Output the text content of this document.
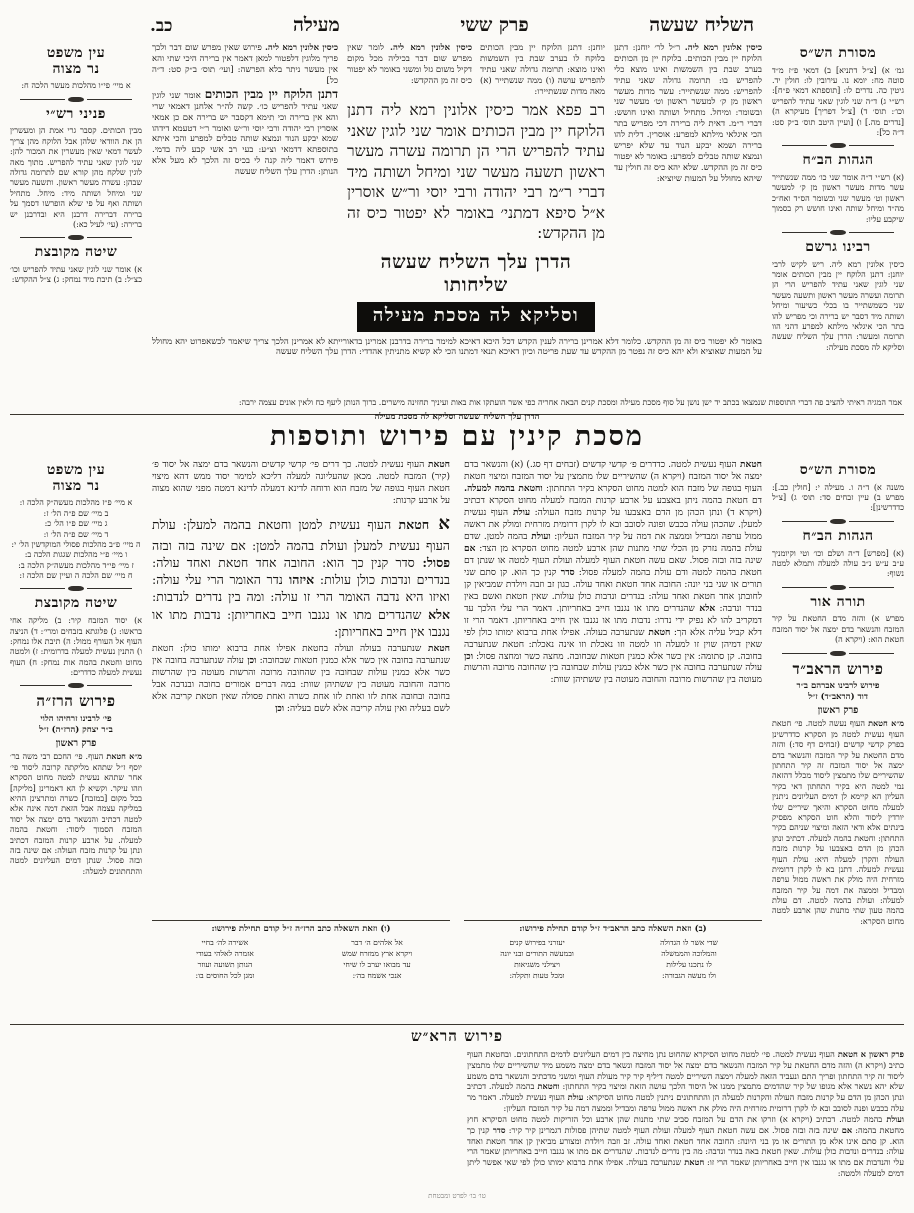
השליח שעשה
פרק ששי
מעילה
כב.
מסורת הש״ס

גמ׳ א) [צ״ל דתניא] ב) דמאי פ״ז מ״ד סוטה מח: יומא נו. עירובין לו: חולין יד. גיטין כה. נדרים לו: [תוספתא דמאי פ״ח]: רש״י ג) ד״ה שני לוגין שאני עתיד להפריש וכו׳: תוס׳ ד) [צ״ל דפריך] מעיקרא ה) [נדרים מה.] ו) [ועיין היטב תוס׳ ב״ק סט: ד״ה כל]:

הגהות הב״ח

(א) רש״י ד״ה אומר שני כו׳ ממה שנשתייר עשר מדות מעשר ראשון מן ק׳ למעשר ראשון וט׳ מעשר שני ובשומר הס״ד ואח״כ מה״ד ומיחל שותה ואינו חושש רק בסמוך שיקבע עליו:

רבינו גרשם

כיסין אלונין רמא ליה. ריש לקיש לרבי יוחנן: דתנן הלוקח יין מבין הכותים אומר שני לוגין שאני עתיד להפריש הרי הן תרומה ועשרה מעשר ראשון ותשעה מעשר שני כשמשתייר בו בכלי כשיעור ומיחל ושותה מיד דסבר יש ברירה וכי מפריש להו בתר הכי איגלאי מילתא למפרע דהני הוו תרומה ומעשר: הדרן עלך השליח שעשה וסליקא לה מסכת מעילה:

כיסין אלונין רמא ליה. ר״ל לר׳ יוחנן: דתנן הלוקח יין מבין הכותים. בלוקח יין מן הכותים בערב שבת בין השמשות ואינו מוצא כלי להפריש בו: תרומה גדולה שאני עתיד להפריש: ממה שנשתייר: עשר מדות מעשר ראשון מן ק׳ למעשר ראשון וט׳ מעשר שני ובשומר: ומיחל. מתחיל ושותה ואינו חושש: דברי ר״מ. דאית ליה ברירה דכי מפריש בתר הכי איגלאי מילתא למפרע: אוסרין. דלית להו ברירה ושמא יבקע הנוד עד שלא יפריש ונמצא שותה טבלים למפרע: באומר לא יפטור כיס זה מן ההקדש. שלא יהא כיס זה חולין עד שיהא מחולל על המעות שיוציא:
יוחנן: דתנן הלוקח יין מבין הכותים בלוקח לו בערב שבת בין השמשות ואינו מוצא: תרומה גדולה שאני עתיד להפריש עושה (ו) ממה שנשתייר (א) מאה מדות שנשתיירו:
כיסין אלונין רמא ליה. לומר שאין מפרש שום דבר בכיליה מכל מקום דקיל משום גזל ומשני באומר לא יפטור כיס זה מן ההקדש:

רב פפא אמר כיסין אלונין רמא ליה דתנן הלוקח יין מבין הכותים אומר שני לוגין שאני עתיד להפריש הרי הן תרומה עשרה מעשר ראשון תשעה מעשר שני ומיחל ושותה מיד דברי ר״מ רבי יהודה ורבי יוסי ור״ש אוסרין א״ל סיפא דמתני׳ באומר לא יפטור כיס זה מן ההקדש:

הדרן עלך השליח שעשה שליחותו
וסליקא לה מסכת מעילה
כיסין אלונין רמא ליה. פירוש שאין מפרש שום דבר ולכך פריך מלוגין דלפטור למאן דאמר אין ברירה היכי שתי והא אין מעשר ניתר בלא הפרשה: [ועי׳ תוס׳ ב״ק סט: ד״ה כל]
דתנן הלוקח יין מבין הכותים אומר שני לוגין שאני עתיד להפריש כו׳. קשה לה״ר אלחנן דאמאי שרי והא אין ברירה וכי תימא דקסבר יש ברירה אם כן אמאי אוסרין רבי יהודה ורבי יוסי ור״ש ואומר ר״י דטעמא דידהו שמא יבקע הנוד ונמצא שותה טבלים למפרע והכי איתא בתוספתא דדמאי וצ״ע: בעי רב אשי קבע ליה בדמי. פירוש דאמר ליה קנה לי בכיס זה הלכך לא מעל אלא הנותן: הדרן עלך השליח שעשה

באומר לא יפטור כיס זה מן ההקדש. כלומר דלא אמרינן ברירה לענין הקדש דכל היכא דאיכא למימר ברירה בדרבנן אמרינן בדאורייתא לא אמרינן הלכך צריך שיאמר לכשאפרוט יהא מחולל על המעות שאוציא ולא יהא כיס זה נפטר מן ההקדש עד שעת פריטה וכיון דאיכא תנאי דמתנו הכי לא קשיא מתניתין אהדדי: הדרן עלך השליח שעשה

עין משפט
נר מצוה

א מיי׳ פי״ו מהלכות מעשר הלכה ח:

פניני רש״י

מבין הכותים. קסבר גרי אמת הן ומעשרין הן את הוודאי שלהן אבל הלוקח מהן צריך לעשר דמאי שאין מעשרין את המכור להן: שני לוגין שאני עתיד להפריש. מתוך מאה לוגין שלקח מהן קורא שם לתרומה גדולה שבהן: עשרה מעשר ראשון. ותשעה מעשר שני ומיחל ושותה מיד: מיחל. מתחיל ושותה ואף על פי שלא הופרשו דסמך על ברירה דברירה דרבנן היא ובדרבנן יש ברירה: (עי׳ לעיל כא:)

שיטה מקובצת

א) אומר שני לוגין שאני עתיד להפריש וכו׳ כצ״ל: ב) תיבת מיד נמחק: ג) צ״ל ההקדש:

אמר המגיה ראיתי להציב פה דברי התוספות שנמצאו בכתב יד ישן נושן על סוף מסכת מעילה ומסכת קנים הבאה אחריה כפי אשר הועתקו אות באות ועיניך תחזינה מישרים. ברוך הנותן ליעף כח ולאין אונים עצמה ירבה:

הדרן עלך השליח שעשה וסליקא לה מסכת מעילה
מסכת קינין עם פירוש ותוספות
מסורת הש״ס

משנה א) ד״ה ו. מעילה י: [חולין כב.]: מפרש ב) עיין זבחים סד: תוס׳ ג) [צ״ל כדדרשינן]:

הגהות הב״ח

(א) [מפרש] ד״ה ושלם וכו׳ וטי וקיומניך ע״ב ע״ש נ״ב עולה למעלה ותמלא למטה נשוף:

תורה אור

מפרש א) והזה מדם החטאת על קיר המזבח והנשאר בדם ימצה אל יסוד המזבח חטאת הוא: (ויקרא ה)

פירוש הראב״ד
פירוש לרבינו אברהם ב״ר
דוד (הראב״ד) ז״ל
פרק ראשון

מ״א חטאת העוף נעשה למטה. פי׳ חטאת העוף נעשית למטה מן הסקרא כדדרשינן בפרק קדשי קדשים (זבחים דף סד:) והזה מדם החטאת על קיר המזבח והנשאר בדם ימצה אל יסוד המזבח זה קיר התחתון שהשיריים שלו מתמצין ליסוד מכלל דהזאה נמי למטה היא בקיר התחתון דאי בקיר העליון הא קיימא לן דמים העליונים ניתנין למעלה מחוט הסקרא והיאך שיריים שלו יורדין ליסוד והלא חוט הסקרא מפסיק בינתים אלא ודאי הזאה ומיצוי שניהם בקיר התחתון: וחטאת בהמה למעלה. דכתיב ונתן הכהן מן הדם באצבעו על קרנות מזבח העולה והקרן למעלה היא: עולת העוף נעשית למעלה. דתנן בא לו לקרן דרומית מזרחית היה מולק את ראשה ממול ערפה ומבדיל וממצה את דמה על קיר המזבח למעלה: ועולת בהמה למטה. דם עולת בהמה טעון שתי מתנות שהן ארבע למטה מחוט הסקרא:

חטאת העוף נעשית למטה. כדדרים פ׳ קדשי קדשים (זבחים דף סג.) (א) והנשאר בדם ימצה אל יסוד המזבח (ויקרא ה) שהשיריים שלו מתמצין על יסוד המזבח ומיצוי חטאת העוף בגופה של מזבח הוא למטה מחוט הסקרא בקיר התחתון: וחטאת בהמה למעלה. דם חטאת בהמה ניתן באצבע על ארבע קרנות המזבח למעלה מחוט הסקרא דכתיב (ויקרא ד) ונתן הכהן מן הדם באצבעו על קרנות מזבח העולה: עולת העוף נעשית למעלן. שהכהן עולה בכבש ופונה לסובב ובא לו לקרן דרומית מזרחית ומולק את ראשה ממול ערפה ומבדיל וממצה את דמה על קיר המזבח העליון: ועולת בהמה למטן. שדם עולת בהמה נזרק מן הכלי שתי מתנות שהן ארבע למטה מחוט הסקרא מן הצד: אם שינה בזה ובזה פסול. שאם עשה חטאת העוף למעלה ועולת העוף למטה או שנתן דם חטאת בהמה למטה ודם עולת בהמה למעלה פסול: סדר קנין כך הוא. קן סתם שני תורים או שני בני יונה: החובה אחד חטאת ואחד עולה. כגון זב וזבה ויולדת שמביאין קן לחובתן אחד חטאת ואחד עולה: בנדרים ונדבות כולן עולות. שאין חטאת ואשם באין בנדר ונדבה: אלא שהנדרים מתו או נגנבו חייב באחריותן. דאמר הרי עלי הלכך עד דמקריב להו לא נפיק ידי נדרו: נדבות מתו או נגנבו אין חייב באחריותן. דאמר הרי זו דלא קביל עליה אלא הך: חטאת שנתערבה בעולה. אפילו אחת ברבוא ימותו כולן לפי שאין דמיהן שוין זו למעלה וזו למטה וזו נאכלת וזו אינה נאכלת: חטאת שנתערבה בחובה. קן סתומה: אין כשר אלא כמנין חטאות שבחובה. מחצה כשר ומחצה פסול: וכן עולה שנתערבה בחובה אין כשר אלא כמנין עולות שבחובה בין שהחובה מרובה והרשות מעוטה בין שהרשות מרובה והחובה מעוטה בין ששתיהן שוות:
חטאת העוף נעשית למטה. כך דרים פי׳ קדשי קדשים והנשאר בדם ימצה אל יסוד פ׳ (קיר) המזבח למטה. מכאן שהעליונה למעלה דליכא למימר יסוד ממש דהא מיצוי חטאת העוף בגופה של מזבח הוא ודוחה לדינא דמעלה לדינא דמטה מפני שהוא מצוה על ארבע קרנות:
א חטאת העוף נעשית למטן וחטאת בהמה למעלן: עולת העוף נעשית למעלן ועולת בהמה למטן: אם שינה בזה ובזה פסול: סדר קנין כך הוא: החובה אחד חטאת ואחד עולה: בנדרים ונדבות כולן עולות: איזהו נדר האומר הרי עלי עולה: ואיזו היא נדבה האומר הרי זו עולה: ומה בין נדרים לנדבות: אלא שהנדרים מתו או נגנבו חייב באחריותן: נדבות מתו או נגנבו אין חייב באחריותן:
חטאת שנתערבה בעולה ועולה בחטאת אפילו אחת ברבוא ימותו כולן: חטאת שנתערבה בחובה אין כשר אלא כמנין חטאות שבחובה: וכן עולה שנתערבה בחובה אין כשר אלא כמנין עולות שבחובה בין שהחובה מרובה והרשות מעוטה בין שהרשות מרובה והחובה מעוטה בין ששתיהן שוות: במה דברים אמורים בחובה ובנדבה אבל בחובה ובחובה אחת לזו ואחת לזו אחת כשרה ואחת פסולה שאין חטאת קריבה אלא לשם בעליה ואין עולה קריבה אלא לשם בעליה: וכן
(ב) וזאת השאלה כתב הראב״ד ז״ל קודם תחילת פירושו:
שדי אשר לו הגדולה
והמלוכה והממשלה
לו נתכנו עלילות
ולו מעשה הגבורה:
יעזרני בפירוש קנים
ובמעשה התורים ובני יונה
ויצילני משגיאות
ומכל טעות ותקלה:
(ו) וזאת השאלה כתב הרז״ה ז״ל קודם תחילת פירושו:
אל אלהים ה׳ דבר
ויקרא ארץ ממזרח שמש
עד מבואו יערב לו שיחי
אנכי אשמח בה׳:
אשירה לה׳ בחיי
אזמרה לאלהי בעודי
הנותן תשועה ועוזר
ומגן לכל החוסים בו:
עין משפט
נר מצוה
א מיי׳ פ״ז מהלכות מעשה״ק הלכה ו:
ב מיי׳ שם פ״ה הל׳ ז:
ג מיי׳ שם פ״ו הל׳ כ:
ד מיי׳ שם פ״ה הל׳ ו:
ה מיי׳ פ״ב מהלכות פסולי המוקדשין הל׳ י:
ו מיי׳ פ״י מהלכות שגגות הלכה ב:
ז מיי׳ פי״ד מהלכות מעשה״ק הלכה ב:
ח מיי׳ שם הלכה ה ועיין שם הלכה ז:
שיטה מקובצת

א) יסוד המזבח קיר: ב) מליקה אחי בראשו: ג) פלוגתא בזבחים ומרי׳: ד) הניצה העוף אל העורף ממול: ה) תיבת אלו נמחק: ו) התנין נעשית למעלה בדרומית: ז) ולמטה מחוט וחטאת בהמה אות נמחק: ח) העוף נעשית למעלה כדדרים:

פירוש הרז״ה
פי׳ לרבינו זרחיהו הלוי
ב״ר יצחק (הרז״ה) ז״ל
פרק ראשון

מ״א חטאת העוף. פי׳ החכם רבי משה בר׳ יוסף ז״ל שתהא מליקתה קרובה ליסוד פי׳ אחר שתהא נעשית למטה מחוט הסקרא וזהו עיקר. וקשיא לן הא דאמרינן [מליקה] בכל מקום [במזבח] כשרה ומתרצינן ההיא במליקה עצמה אבל הזאת דמה אינה אלא למטה דכתיב והנשאר בדם ימצה אל יסוד המזבח הסמוך ליסוד: וחטאת בהמה למעלה. על ארבע קרנות המזבח דכתיב ונתן על קרנות מזבח העולה: אם שינה בזה ובזה פסול. שנתן דמים העליונים למטה והתחתונים למעלה:

פירוש הרא״ש

פרק ראשון א חטאת העוף נעשית למטה. פי׳ למטה מחוט הסיקרא שהחוט נתן מחיצה בין דמים העליונים לדמים התחתונים. ובחטאת העוף כתיב (ויקרא ה) והזה מדם החטאת על קיר המזבח והנשאר בדם ימצה אל יסוד המזבח ונשאר בדם ימצה משמע מיד שהשיריים שלו מתמצין ליסוד זה קיר התחתון ופריך התם ונעביד הזאה למעלה וימצה השיריים למטה דיליף קיר קיר מעולת העוף ומשני מדכתיב והנשאר בדם משמע שלא יהא נשאר אלא מגופו של קיר שהדמים מתמצין ממנו אל היסוד הלכך עושה הזאה ומיצוי בקיר התחתון: וחטאת בהמה למעלה. דכתיב ונתן הכהן מן הדם על קרנות מזבח העולה והקרנות למעלה הן והתחתונים ניתנין למטה מחוט הסיקרא: עולת העוף נעשית למעלה. דאמר מר עלה בכבש ופנה לסובב ובא לו לקרן דרומית מזרחית היה מולק את ראשה ממול ערפה ומבדיל וממצה דמה על קיר המזבח העליון:

ועולת בהמה למטה. דכתיב (ויקרא א) וזרקו את הדם על המזבח סביב שתי מתנות שהן ארבע וכל הזריקות למטה מחוט הסיקרא חוץ מחטאת בהמה: אם שינה בזה ובזה פסול. אם עשה חטאת העוף למעלה ועולת העוף למטה שתיהן פסולות דגמרינן קיר קיר: סדר קנין כך הוא. קן סתם אינו אלא מן התורים או מן בני היונה: החובה אחד חטאת ואחד עולה. זב וזבה ויולדת ומצורע מביאין קן אחד חטאת ואחד עולה: בנדרים ונדבות כולן עולות. שאין חטאת באה בנדר ונדבה: מה בין נדרים לנדבות. שהנדרים אם מתו או נגנבו חייב באחריותן שאמר הרי עלי והנדבות אם מתו או נגנבו אין חייב באחריותן שאמר הרי זו: חטאת שנתערבה בעולה. אפילו אחת ברבוא ימותו כולן לפי שאי אפשר ליתן דמים למעלה ולמטה:

טו׳ בו׳ לפרט ומבטחת
